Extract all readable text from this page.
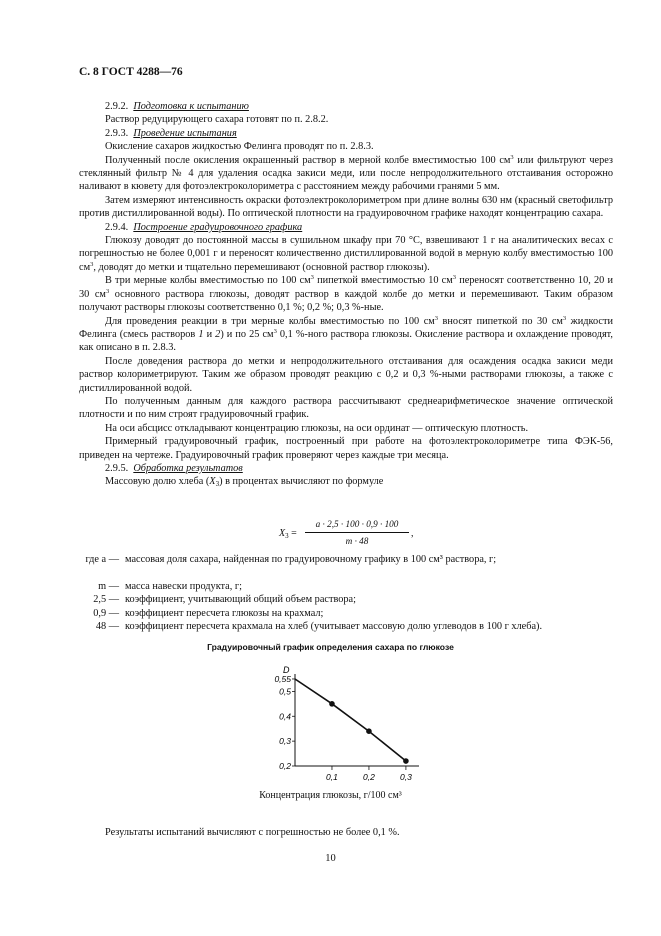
С. 8 ГОСТ 4288—76

2.9.2. Подготовка к испытанию

Раствор редуцирующего сахара готовят по п. 2.8.2.

2.9.3. Проведение испытания

Окисление сахаров жидкостью Фелинга проводят по п. 2.8.3.

Полученный после окисления окрашенный раствор в мерной колбе вместимостью 100 $см^3$ или фильтруют через стеклянный фильтр № 4 для удаления осадка закиси меди, или после непродолжительного отстаивания осторожно наливают в кювету для фотоэлектроколориметра с расстоянием между рабочими гранями 5 мм.

Затем измеряют интенсивность окраски фотоэлектроколориметром при длине волны 630 нм (красный светофильтр против дистиллированной воды). По оптической плотности на градуировочном графике находят концентрацию сахара.

2.9.4. Построение градуировочного графика

Глюкозу доводят до постоянной массы в сушильном шкафу при 70 °С, взвешивают 1 г на аналитических весах с погрешностью не более 0,001 г и переносят количественно дистиллированной водой в мерную колбу вместимостью 100 $см^3$, доводят до метки и тщательно перемешивают (основной раствор глюкозы).

В три мерные колбы вместимостью по 100 $см^3$ пипеткой вместимостью 10 $см^3$ переносят соответственно 10, 20 и 30 $см^3$ основного раствора глюкозы, доводят раствор в каждой колбе до метки и перемешивают. Таким образом получают растворы глюкозы соответственно 0,1 %; 0,2 %; 0,3 %-ные.

Для проведения реакции в три мерные колбы вместимостью по 100 $см^3$ вносят пипеткой по 30 $см^3$ жидкости Фелинга (смесь растворов 1 и 2) и по 25 $см^3$ 0,1 %-ного раствора глюкозы. Окисление раствора и охлаждение проводят, как описано в п. 2.8.3.

После доведения раствора до метки и непродолжительного отстаивания для осаждения осадка закиси меди раствор колориметрируют. Таким же образом проводят реакцию с 0,2 и 0,3 %-ными растворами глюкозы, а также с дистиллированной водой.

По полученным данным для каждого раствора рассчитывают среднеарифметическое значение оптической плотности и по ним строят градуировочный график.

На оси абсцисс откладывают концентрацию глюкозы, на оси ординат — оптическую плотность.

Примерный градуировочный график, построенный при работе на фотоэлектроколориметре типа ФЭК-56, приведен на чертеже. Градуировочный график проверяют через каждые три месяца.

2.9.5. Обработка результатов

Массовую долю хлеба $(X_3)$ в процентах вычисляют по формуле

$X_3$ =
a · 2,5 · 100 · 0,9 · 100
m · 48
,
где a — массовая доля сахара, найденная по градуировочному графику в 100 см³ раствора, г;
m — масса навески продукта, г;
2,5 — коэффициент, учитывающий общий объем раствора;
0,9 — коэффициент пересчета глюкозы на крахмал;
48 — коэффициент пересчета крахмала на хлеб (учитывает массовую долю углеводов в 100 г хлеба).
Градуировочный график определения сахара по глюкозе
D
0,2
0,3
0,4
0,5
0,55
0,1	0,2	0,3
Концентрация глюкозы, г/100 см³
Результаты испытаний вычисляют с погрешностью не более 0,1 %.
10
